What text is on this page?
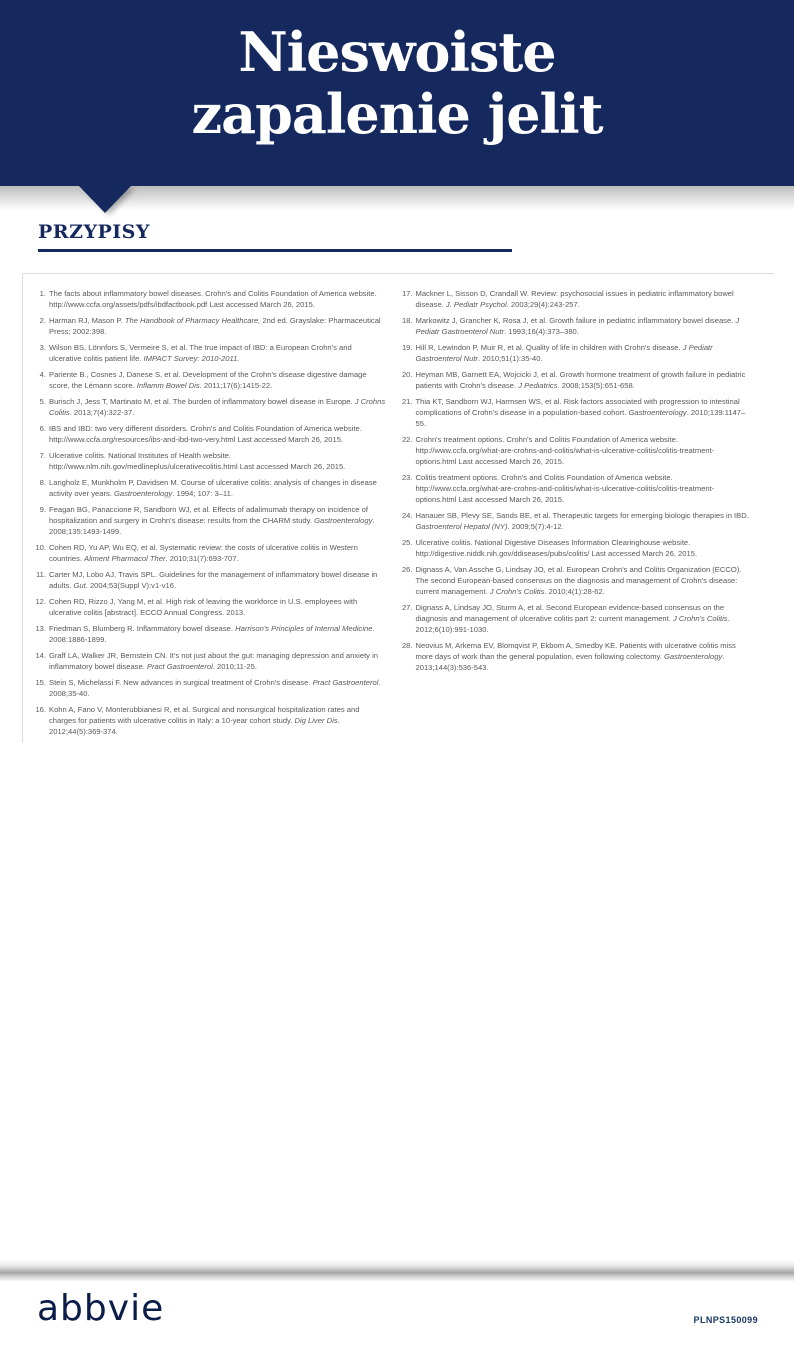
Nieswoiste
zapalenie jelit
PRZYPISY
1. The facts about inflammatory bowel diseases. Crohn's and Colitis Foundation of America website. http://www.ccfa.org/assets/pdfs/ibdfactbook.pdf Last accessed March 26, 2015.
2. Harman RJ, Mason P. The Handbook of Pharmacy Healthcare, 2nd ed. Grayslake: Pharmaceutical Press; 2002:398.
3. Wilson BS, Lönnfors S, Vermeire S, et al. The true impact of IBD: a European Crohn's and ulcerative colitis patient life. IMPACT Survey: 2010-2011.
4. Pariente B., Cosnes J, Danese S, et al. Development of the Crohn's disease digestive damage score, the Lémann score. Inflamm Bowel Dis. 2011;17(6):1415-22.
5. Burisch J, Jess T, Martinato M, et al. The burden of inflammatory bowel disease in Europe. J Crohns Colitis. 2013;7(4):322-37.
6. IBS and IBD: two very different disorders. Crohn's and Colitis Foundation of America website. http://www.ccfa.org/resources/ibs-and-ibd-two-very.html Last accessed March 26, 2015.
7. Ulcerative colitis. National Institutes of Health website. http://www.nlm.nih.gov/medlineplus/ulcerativecolitis.html Last accessed March 26, 2015.
8. Langholz E, Munkholm P, Davidsen M. Course of ulcerative colitis: analysis of changes in disease activity over years. Gastroenterology. 1994; 107: 3–11.
9. Feagan BG, Panaccione R, Sandborn WJ, et al. Effects of adalimumab therapy on incidence of hospitalization and surgery in Crohn's disease: results from the CHARM study. Gastroenterology. 2008;135:1493-1499.
10. Cohen RD, Yu AP, Wu EQ, et al. Systematic review: the costs of ulcerative colitis in Western countries. Aliment Pharmacol Ther. 2010;31(7):693-707.
11. Carter MJ, Lobo AJ, Travis SPL. Guidelines for the management of inflammatory bowel disease in adults. Gut. 2004;53(Suppl V):v1-v16.
12. Cohen RD, Rizzo J, Yang M, et al. High risk of leaving the workforce in U.S. employees with ulcerative colitis [abstract]. ECCO Annual Congress. 2013.
13. Friedman S, Blumberg R. Inflammatory bowel disease. Harrison's Principles of Internal Medicine. 2008:1886-1899.
14. Graff LA, Walker JR, Bernstein CN. It's not just about the gut: managing depression and anxiety in inflammatory bowel disease. Pract Gastroenterol. 2010;11-25.
15. Stein S, Michelassi F. New advances in surgical treatment of Crohn's disease. Pract Gastroenterol. 2008;35-40.
16. Kohn A, Fano V, Monterubbianesi R, et al. Surgical and nonsurgical hospitalization rates and charges for patients with ulcerative colitis in Italy: a 10-year cohort study. Dig Liver Dis. 2012;44(5):369-374.
17. Mackner L, Sisson D, Crandall W. Review: psychosocial issues in pediatric inflammatory bowel disease. J. Pediatr Psychol. 2003;29(4):243-257.
18. Markowitz J, Grancher K, Rosa J, et al. Growth failure in pediatric inflammatory bowel disease. J Pediatr Gastroenterol Nutr. 1993;16(4):373–380.
19. Hill R, Lewindon P, Muir R, et al. Quality of life in children with Crohn's disease. J Pediatr Gastroenterol Nutr. 2010;51(1):35-40.
20. Heyman MB, Garnett EA, Wojcicki J, et al. Growth hormone treatment of growth failure in pediatric patients with Crohn's disease. J Pediatrics. 2008;153(5):651-658.
21. Thia KT, Sandborn WJ, Harmsen WS, et al. Risk factors associated with progression to intestinal complications of Crohn's disease in a population-based cohort. Gastroenterology. 2010;139:1147–55.
22. Crohn's treatment options. Crohn's and Colitis Foundation of America website. http://www.ccfa.org/what-are-crohns-and-colitis/what-is-ulcerative-colitis/colitis-treatment-options.html Last accessed March 26, 2015.
23. Colitis treatment options. Crohn's and Colitis Foundation of America website. http://www.ccfa.org/what-are-crohns-and-colitis/what-is-ulcerative-colitis/colitis-treatment-options.html Last accessed March 26, 2015.
24. Hanauer SB, Plevy SE, Sands BE, et al. Therapeutic targets for emerging biologic therapies in IBD. Gastroenterol Hepatol (NY). 2009;5(7):4-12.
25. Ulcerative colitis. National Digestive Diseases Information Clearinghouse website. http://digestive.niddk.nih.gov/ddiseases/pubs/colitis/ Last accessed March 26, 2015.
26. Dignass A, Van Assche G, Lindsay JO, et al. European Crohn's and Colitis Organization (ECCO). The second European-based consensus on the diagnosis and management of Crohn's disease: current management. J Crohn's Colitis. 2010;4(1):28-62.
27. Dignass A, Lindsay JO, Sturm A, et al. Second European evidence-based consensus on the diagnosis and management of ulcerative colitis part 2: current management. J Crohn's Colitis. 2012;6(10):991-1030.
28. Neovius M, Arkema EV, Blomqvist P, Ekbom A, Smedby KE. Patients with ulcerative colitis miss more days of work than the general population, even following colectomy. Gastroenterology. 2013;144(3):536-543.
abbvie	PLNPS150099
